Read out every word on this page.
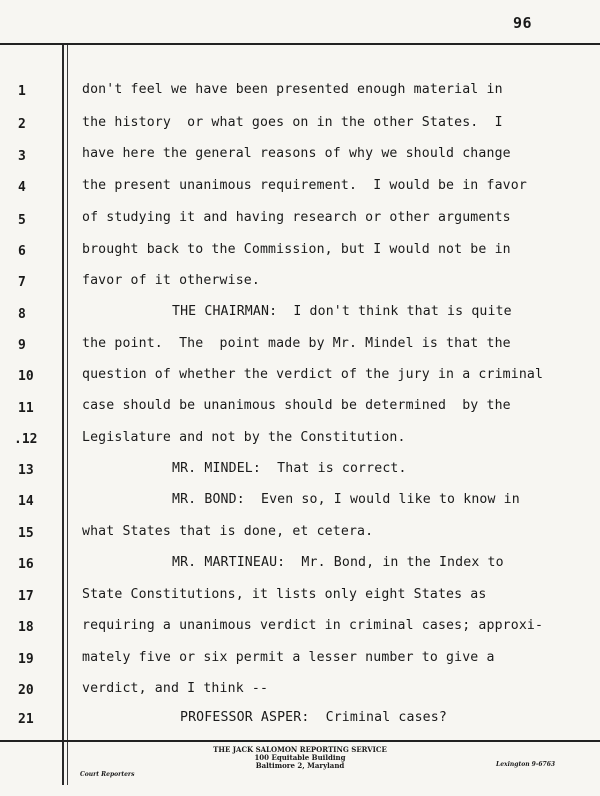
96
1	don't feel we have been presented enough material in
2	the history  or what goes on in the other States.  I
3	have here the general reasons of why we should change
4	the present unanimous requirement.  I would be in favor
5	of studying it and having research or other arguments
6	brought back to the Commission, but I would not be in
7	favor of it otherwise.
8	THE CHAIRMAN:  I don't think that is quite
9	the point.  The  point made by Mr. Mindel is that the
10	question of whether the verdict of the jury in a criminal
11	case should be unanimous should be determined  by the
.12	Legislature and not by the Constitution.
13	MR. MINDEL:  That is correct.
14	MR. BOND:  Even so, I would like to know in
15	what States that is done, et cetera.
16	MR. MARTINEAU:  Mr. Bond, in the Index to
17	State Constitutions, it lists only eight States as
18	requiring a unanimous verdict in criminal cases; approxi-
19	mately five or six permit a lesser number to give a
20	verdict, and I think --
21	PROFESSOR ASPER:  Criminal cases?
THE JACK SALOMON REPORTING SERVICE
100 Equitable Building
Baltimore 2, Maryland
Court Reporters
Lexington 9-6763
